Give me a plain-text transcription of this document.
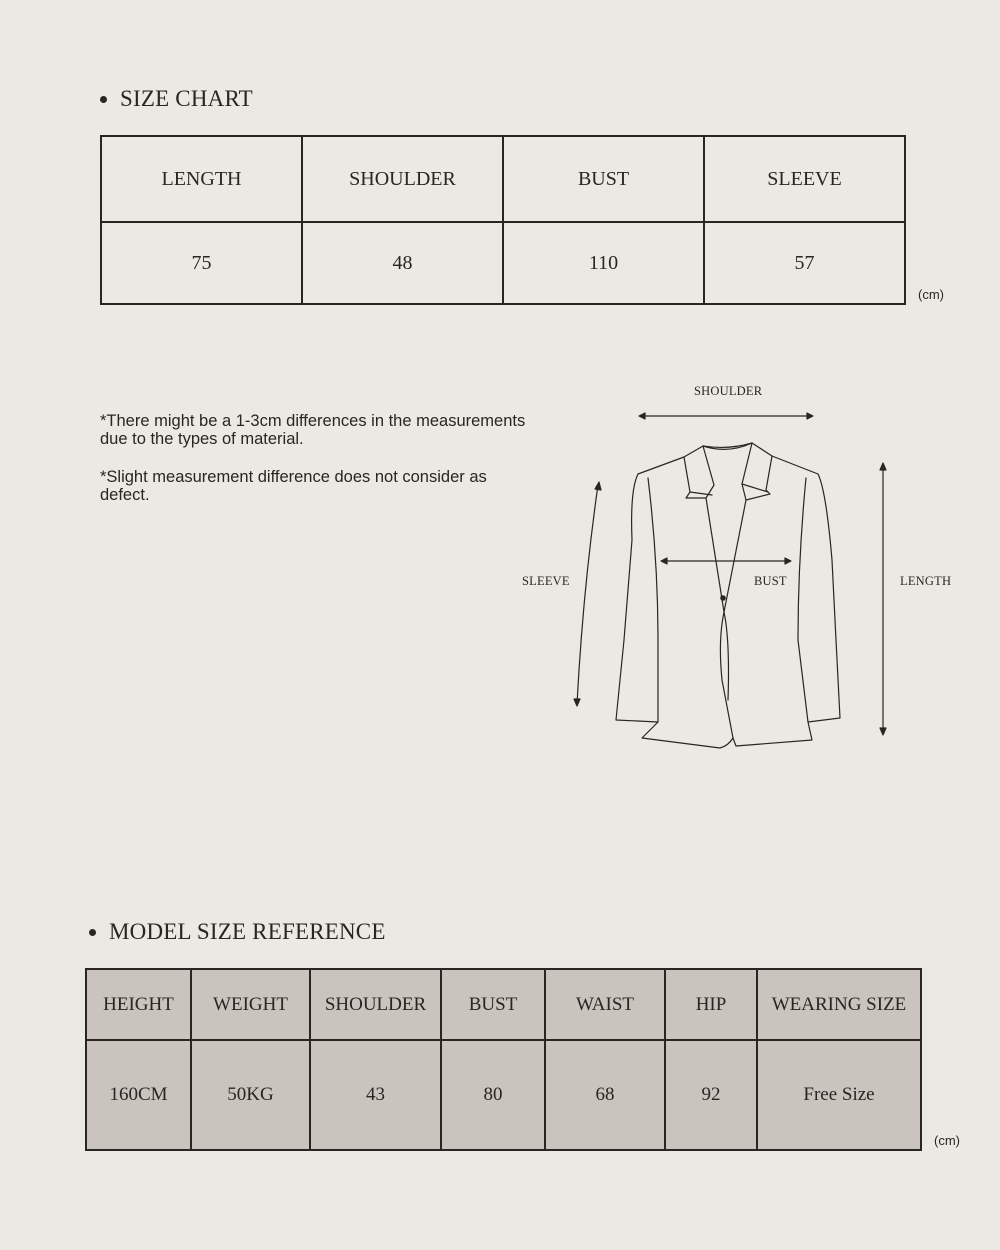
SIZE CHART
LENGTH	SHOULDER	BUST	SLEEVE
75	48	110	57
(cm)
*There might be a 1-3cm differences in the measurements due to the types of material.
*Slight measurement difference does not consider as defect.
SHOULDER
SLEEVE	BUST	LENGTH
MODEL SIZE REFERENCE
HEIGHT	WEIGHT	SHOULDER	BUST	WAIST	HIP	WEARING SIZE
160CM	50KG	43	80	68	92	Free Size
(cm)
